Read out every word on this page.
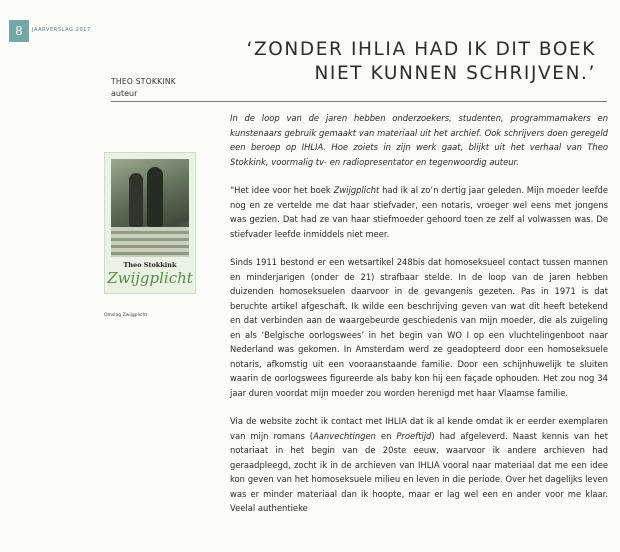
8 JAARVERSLAG 2017
‘ZONDER IHLIA HAD IK DIT BOEK
NIET KUNNEN SCHRIJVEN.’
THEO STOKKINK
auteur
Theo Stokkink
Zwijgplicht
Omslag Zwijgplicht

In de loop van de jaren hebben onderzoekers, studenten, programmamakers en kunstenaars gebruik gemaakt van materiaal uit het archief. Ook schrijvers doen geregeld een beroep op IHLIA. Hoe zoiets in zijn werk gaat, blijkt uit het verhaal van Theo Stokkink, voormalig tv- en radiopresentator en tegenwoordig auteur.

“Het idee voor het boek Zwijgplicht had ik al zo’n dertig jaar geleden. Mijn moeder leefde nog en ze vertelde me dat haar stiefvader, een notaris, vroeger wel eens met jongens was gezien. Dat had ze van haar stiefmoeder gehoord toen ze zelf al volwassen was. De stiefvader leefde inmiddels niet meer.

Sinds 1911 bestond er een wetsartikel 248bis dat homoseksueel contact tussen mannen en minderjarigen (onder de 21) strafbaar stelde. In de loop van de jaren hebben duizenden homoseksuelen daarvoor in de gevangenis gezeten. Pas in 1971 is dat beruchte artikel afgeschaft. Ik wilde een beschrijving geven van wat dit heeft betekend en dat verbinden aan de waargebeurde geschiedenis van mijn moeder, die als zuigeling en als ‘Belgische oorlogswees’ in het begin van WO I op een vluchtelingenboot naar Nederland was gekomen. In Amsterdam werd ze geadopteerd door een homoseksuele notaris, afkomstig uit een vooraanstaande familie. Door een schijnhuwelijk te sluiten waarin de oorlogswees figureerde als baby kon hij een façade ophouden. Het zou nog 34 jaar duren voordat mijn moeder zou worden herenigd met haar Vlaamse familie.

Via de website zocht ik contact met IHLIA dat ik al kende omdat ik er eerder exemplaren van mijn romans (Aanvechtingen en Proeftijd) had afgeleverd. Naast kennis van het notariaat in het begin van de 20ste eeuw, waarvoor ik andere archieven had geraadpleegd, zocht ik in de archieven van IHLIA vooral naar materiaal dat me een idee kon geven van het homoseksuele milieu en leven in die periode. Over het dagelijks leven was er minder materiaal dan ik hoopte, maar er lag wel een en ander voor me klaar. Veelal authentieke
